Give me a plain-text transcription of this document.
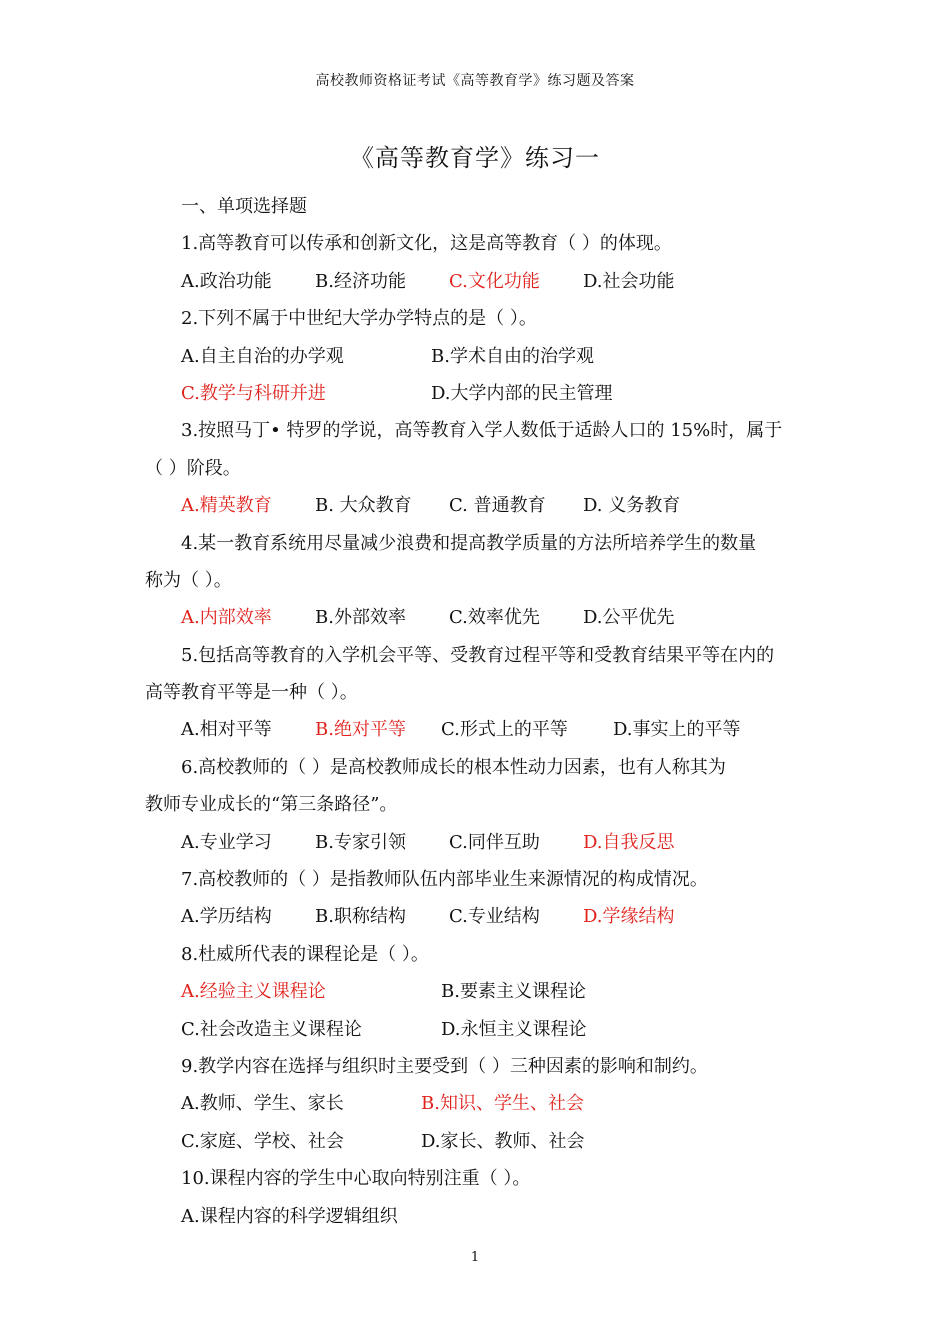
高校教师资格证考试《高等教育学》练习题及答案
《高等教育学》练习一
一、单项选择题
1.高等教育可以传承和创新文化，这是高等教育（ ）的体现。
A.政治功能 B.经济功能 C.文化功能 D.社会功能
2.下列不属于中世纪大学办学特点的是（ ）。
A.自主自治的办学观	B.学术自由的治学观
C.教学与科研并进	D.大学内部的民主管理
3.按照马丁• 特罗的学说，高等教育入学人数低于适龄人口的 15%时，属于
（ ）阶段。
A.精英教育 B. 大众教育 C. 普通教育 D. 义务教育
4.某一教育系统用尽量减少浪费和提高教学质量的方法所培养学生的数量
称为（ ）。
A.内部效率 B.外部效率 C.效率优先 D.公平优先
5.包括高等教育的入学机会平等、受教育过程平等和受教育结果平等在内的
高等教育平等是一种（ ）。
A.相对平等 B.绝对平等 C.形式上的平等	D.事实上的平等
6.高校教师的（ ）是高校教师成长的根本性动力因素，也有人称其为
教师专业成长的“第三条路径”。
A.专业学习 B.专家引领 C.同伴互助 D.自我反思
7.高校教师的（ ）是指教师队伍内部毕业生来源情况的构成情况。
A.学历结构 B.职称结构 C.专业结构 D.学缘结构
8.杜威所代表的课程论是（ ）。
A.经验主义课程论	B.要素主义课程论
C.社会改造主义课程论	D.永恒主义课程论
9.教学内容在选择与组织时主要受到（ ）三种因素的影响和制约。
A.教师、学生、家长	B.知识、学生、社会
C.家庭、学校、社会	D.家长、教师、社会
10.课程内容的学生中心取向特别注重（ ）。
A.课程内容的科学逻辑组织
1
